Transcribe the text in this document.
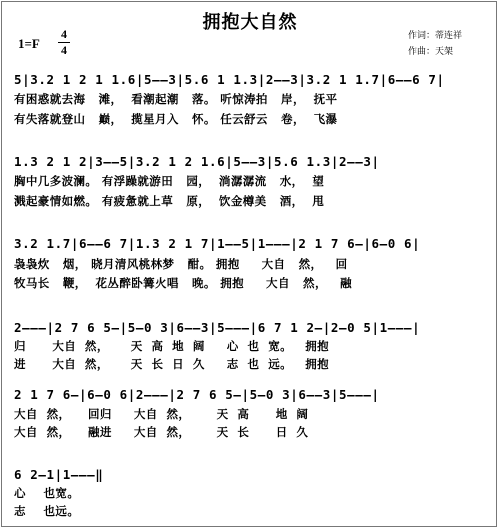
拥抱大自然
1=F
4
4
作词：蒂连祥
作曲：天架
5|3.2 1 2 1 1.6|5——3|5.6 1 1.3|2——3|3.2 1 1.7|6——6 7|
有困惑就去海   滩，  看潮起潮   落。 听惊涛拍   岸，  抚平
有失落就登山   巅，  揽星月入   怀。 任云舒云   卷，  飞瀑
1.3 2 1 2|3——5|3.2 1 2 1.6|5——3|5.6 1.3|2——3|
胸中几多波澜。 有浮躁就游田   园，  淌潺潺流   水，  望
溅起豪情如燃。 有疲惫就上草   原，  饮金樽美   酒，  甩
3.2 1.7|6——6 7|1.3 2 1 7|1——5|1———|2 1 7 6—|6—0 6|
袅袅炊   烟， 晓月清风桃林梦   酣。 拥抱     大自   然，   回
牧马长   鞭，  花丛醉卧篝火唱   晚。 拥抱     大自   然，   融
2———|2 7 6 5—|5—0 3|6——3|5———|6 7 1 2—|2—0 5|1———|
归      大自  然，     天  高  地  阔     心  也  宽。   拥抱
进      大自  然，     天  长  日  久     志  也  远。   拥抱
2 1 7 6—|6—0 6|2———|2 7 6 5—|5—0 3|6——3|5———|
大自  然，    回归     大自  然，      天  高      地  阔
大自  然，    融进     大自  然，      天  长      日  久
6 2—1|1———‖
心    也宽。
志    也远。
